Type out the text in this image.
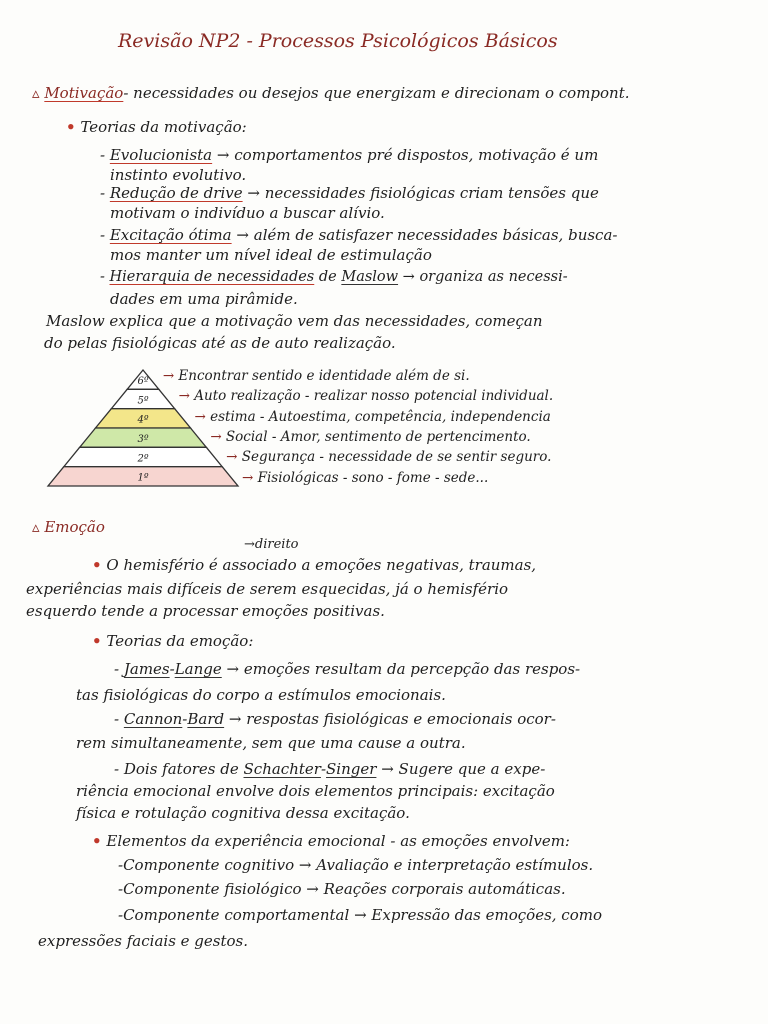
Revisão NP2 - Processos Psicológicos Básicos
▵ Motivação- necessidades ou desejos que energizam e direcionam o compont.
• Teorias da motivação:
- Evolucionista → comportamentos pré dispostos, motivação é um
instinto evolutivo.
- Redução de drive → necessidades fisiológicas criam tensões que
motivam o indivíduo a buscar alívio.
- Excitação ótima → além de satisfazer necessidades básicas, busca-
mos manter um nível ideal de estimulação
- Hierarquia de necessidades de Maslow → organiza as necessi-
dades em uma pirâmide.
Maslow explica que a motivação vem das necessidades, começan
do pelas fisiológicas até as de auto realização.
6º
5º
4º
3º
2º
1º
→ Encontrar sentido e identidade além de si.
→ Auto realização - realizar nosso potencial individual.
→ estima - Autoestima, competência, independencia
→ Social - Amor, sentimento de pertencimento.
→ Segurança - necessidade de se sentir seguro.
→ Fisiológicas - sono - fome - sede...
▵ Emoção
→direito
• O hemisfério é associado a emoções negativas, traumas,
experiências mais difíceis de serem esquecidas, já o hemisfério
esquerdo tende a processar emoções positivas.
• Teorias da emoção:
- James-Lange → emoções resultam da percepção das respos-
tas fisiológicas do corpo a estímulos emocionais.
- Cannon-Bard → respostas fisiológicas e emocionais ocor-
rem simultaneamente, sem que uma cause a outra.
- Dois fatores de Schachter-Singer → Sugere que a expe-
riência emocional envolve dois elementos principais: excitação
física e rotulação cognitiva dessa excitação.
• Elementos da experiência emocional - as emoções envolvem:
-Componente cognitivo → Avaliação e interpretação estímulos.
-Componente fisiológico → Reações corporais automáticas.
-Componente comportamental → Expressão das emoções, como
expressões faciais e gestos.
